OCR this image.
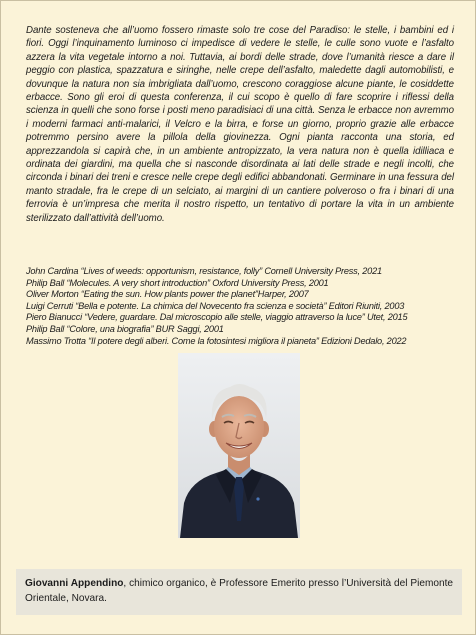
Dante sosteneva che all’uomo fossero rimaste solo tre cose del Paradiso: le stelle, i bambini ed i fiori. Oggi l’inquinamento luminoso ci impedisce di vedere le stelle, le culle sono vuote e l’asfalto azzera la vita vegetale intorno a noi. Tuttavia, ai bordi delle strade, dove l’umanità riesce a dare il peggio con plastica, spazzatura e siringhe, nelle crepe dell’asfalto, maledette dagli automobilisti, e dovunque la natura non sia imbrigliata dall’uomo, crescono coraggiose alcune piante, le cosiddette erbacce. Sono gli eroi di questa conferenza, il cui scopo è quello di fare scoprire i riflessi della scienza in quelli che sono forse i posti meno paradisiaci di una città. Senza le erbacce non avremmo i moderni farmaci anti-malarici, il Velcro e la birra, e forse un giorno, proprio grazie alle erbacce potremmo persino avere la pillola della giovinezza. Ogni pianta racconta una storia, ed apprezzandola si capirà che, in un ambiente antropizzato, la vera natura non è quella idilliaca e ordinata dei giardini, ma quella che si nasconde disordinata ai lati delle strade e negli incolti, che circonda i binari dei treni e cresce nelle crepe degli edifici abbandonati. Germinare in una fessura del manto stradale, fra le crepe di un selciato, ai margini di un cantiere polveroso o fra i binari di una ferrovia è un’impresa che merita il nostro rispetto, un tentativo di portare la vita in un ambiente sterilizzato dall’attività dell’uomo.

John Cardina “Lives of weeds: opportunism, resistance, folly” Cornell University Press, 2021
Philip Ball “Molecules. A very short introduction” Oxford University Press, 2001
Oliver Morton “Eating the sun. How plants power the planet”Harper, 2007
Luigi Cerruti “Bella e potente. La chimica del Novecento fra scienza e società” Editori Riuniti, 2003
Piero Bianucci “Vedere, guardare. Dal microscopio alle stelle, viaggio attraverso la luce” Utet, 2015
Philip Ball “Colore, una biografia” BUR Saggi, 2001
Massimo Trotta “Il potere degli alberi. Come la fotosintesi migliora il pianeta” Edizioni Dedalo, 2022
Giovanni Appendino, chimico organico, è Professore Emerito presso l’Università del Piemonte Orientale, Novara.
